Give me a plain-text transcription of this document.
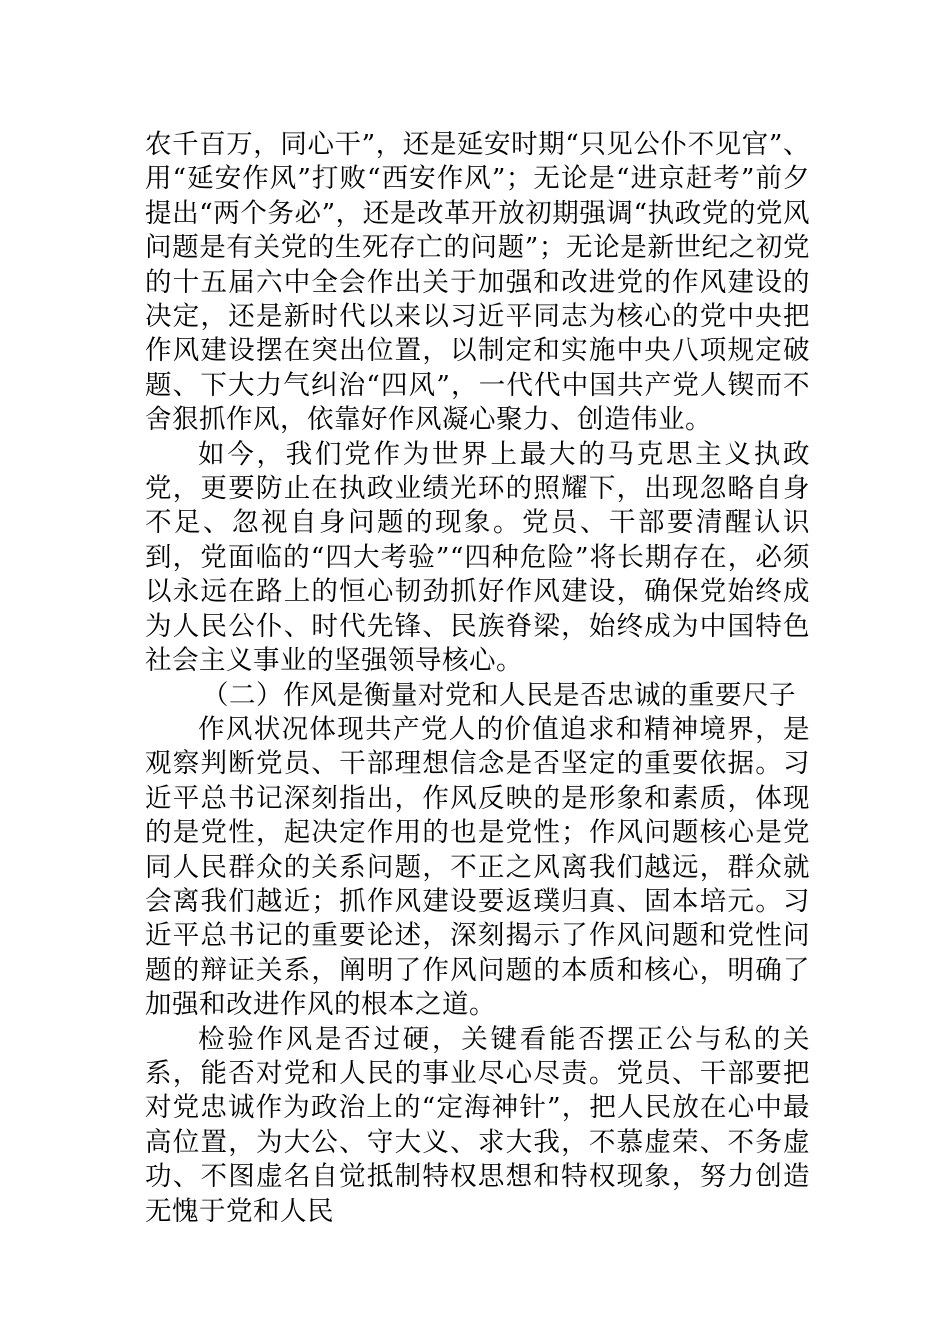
农千百万，同心干”，还是延安时期“只见公仆不见官”、用“延安作风”打败“西安作风”；无论是“进京赶考”前夕提出“两个务必”，还是改革开放初期强调“执政党的党风问题是有关党的生死存亡的问题”；无论是新世纪之初党的十五届六中全会作出关于加强和改进党的作风建设的决定，还是新时代以来以习近平同志为核心的党中央把作风建设摆在突出位置，以制定和实施中央八项规定破题、下大力气纠治“四风”，一代代中国共产党人锲而不舍狠抓作风，依靠好作风凝心聚力、创造伟业。

如今，我们党作为世界上最大的马克思主义执政党，更要防止在执政业绩光环的照耀下，出现忽略自身不足、忽视自身问题的现象。党员、干部要清醒认识到，党面临的“四大考验”“四种危险”将长期存在，必须以永远在路上的恒心韧劲抓好作风建设，确保党始终成为人民公仆、时代先锋、民族脊梁，始终成为中国特色社会主义事业的坚强领导核心。

（二）作风是衡量对党和人民是否忠诚的重要尺子

作风状况体现共产党人的价值追求和精神境界，是观察判断党员、干部理想信念是否坚定的重要依据。习近平总书记深刻指出，作风反映的是形象和素质，体现的是党性，起决定作用的也是党性；作风问题核心是党同人民群众的关系问题，不正之风离我们越远，群众就会离我们越近；抓作风建设要返璞归真、固本培元。习近平总书记的重要论述，深刻揭示了作风问题和党性问题的辩证关系，阐明了作风问题的本质和核心，明确了加强和改进作风的根本之道。

检验作风是否过硬，关键看能否摆正公与私的关系，能否对党和人民的事业尽心尽责。党员、干部要把对党忠诚作为政治上的“定海神针”，把人民放在心中最高位置，为大公、守大义、求大我，不慕虚荣、不务虚功、不图虚名自觉抵制特权思想和特权现象，努力创造无愧于党和人民
